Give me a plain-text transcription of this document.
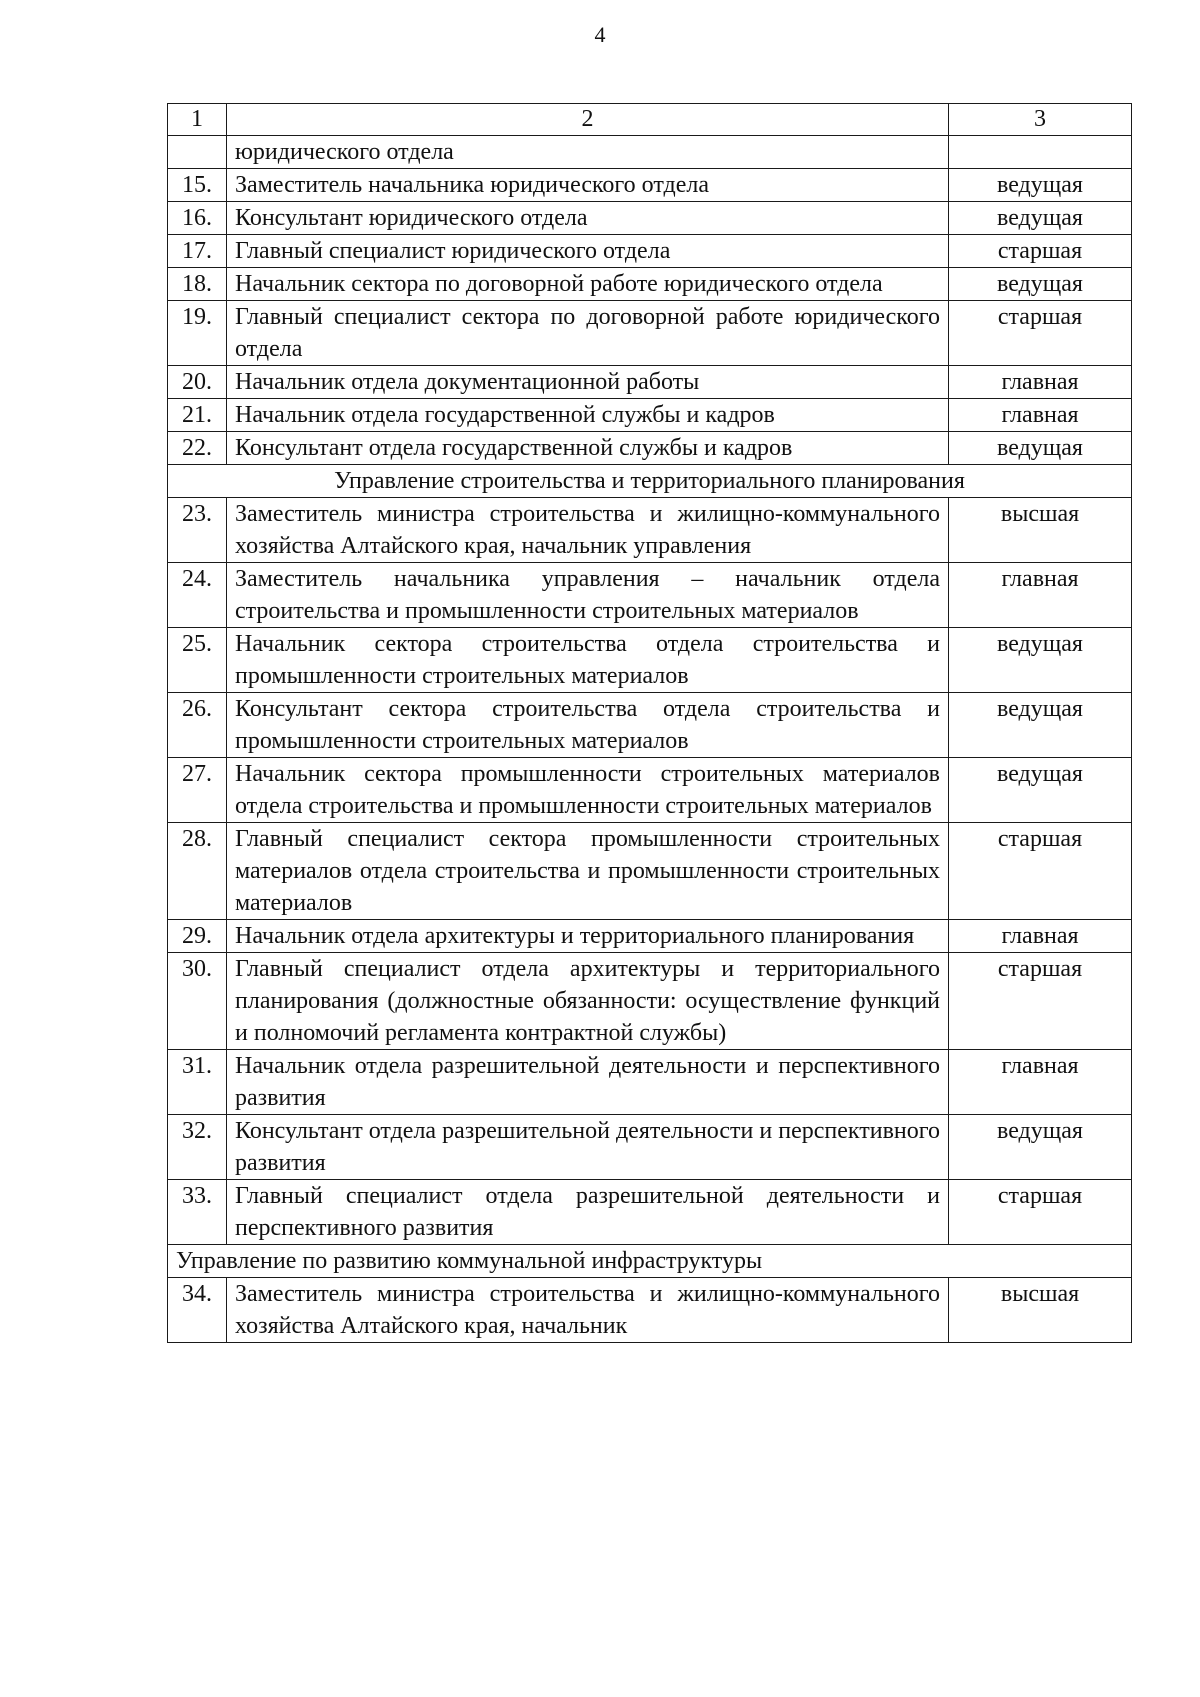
4
1	2	3
	юридического отдела	
15.	Заместитель начальника юридического отдела	ведущая
16.	Консультант юридического отдела	ведущая
17.	Главный специалист юридического отдела	старшая
18.	Начальник сектора по договорной работе юридического отдела	ведущая
19.	Главный специалист сектора по договорной работе юридического отдела	старшая
20.	Начальник отдела документационной работы	главная
21.	Начальник отдела государственной службы и кадров	главная
22.	Консультант отдела государственной службы и кадров	ведущая
Управление строительства и территориального планирования		
23.	Заместитель министра строительства и жилищно-коммунального хозяйства Алтайского края, начальник управления	высшая
24.	Заместитель начальника управления – начальник отдела строительства и промышленности строительных материалов	главная
25.	Начальник сектора строительства отдела строительства и промышленности строительных материалов	ведущая
26.	Консультант сектора строительства отдела строительства и промышленности строительных материалов	ведущая
27.	Начальник сектора промышленности строительных материалов отдела строительства и промышленности строительных материалов	ведущая
28.	Главный специалист сектора промышленности строительных материалов отдела строительства и промышленности строительных материалов	старшая
29.	Начальник отдела архитектуры и территориального планирования	главная
30.	Главный специалист отдела архитектуры и территориального планирования (должностные обязанности: осуществление функций и полномочий регламента контрактной службы)	старшая
31.	Начальник отдела разрешительной деятельности и перспективного развития	главная
32.	Консультант отдела разрешительной деятельности и перспективного развития	ведущая
33.	Главный специалист отдела разрешительной деятельности и перспективного развития	старшая
Управление по развитию коммунальной инфраструктуры		
34.	Заместитель министра строительства и жилищно-коммунального хозяйства Алтайского края, начальник	высшая
